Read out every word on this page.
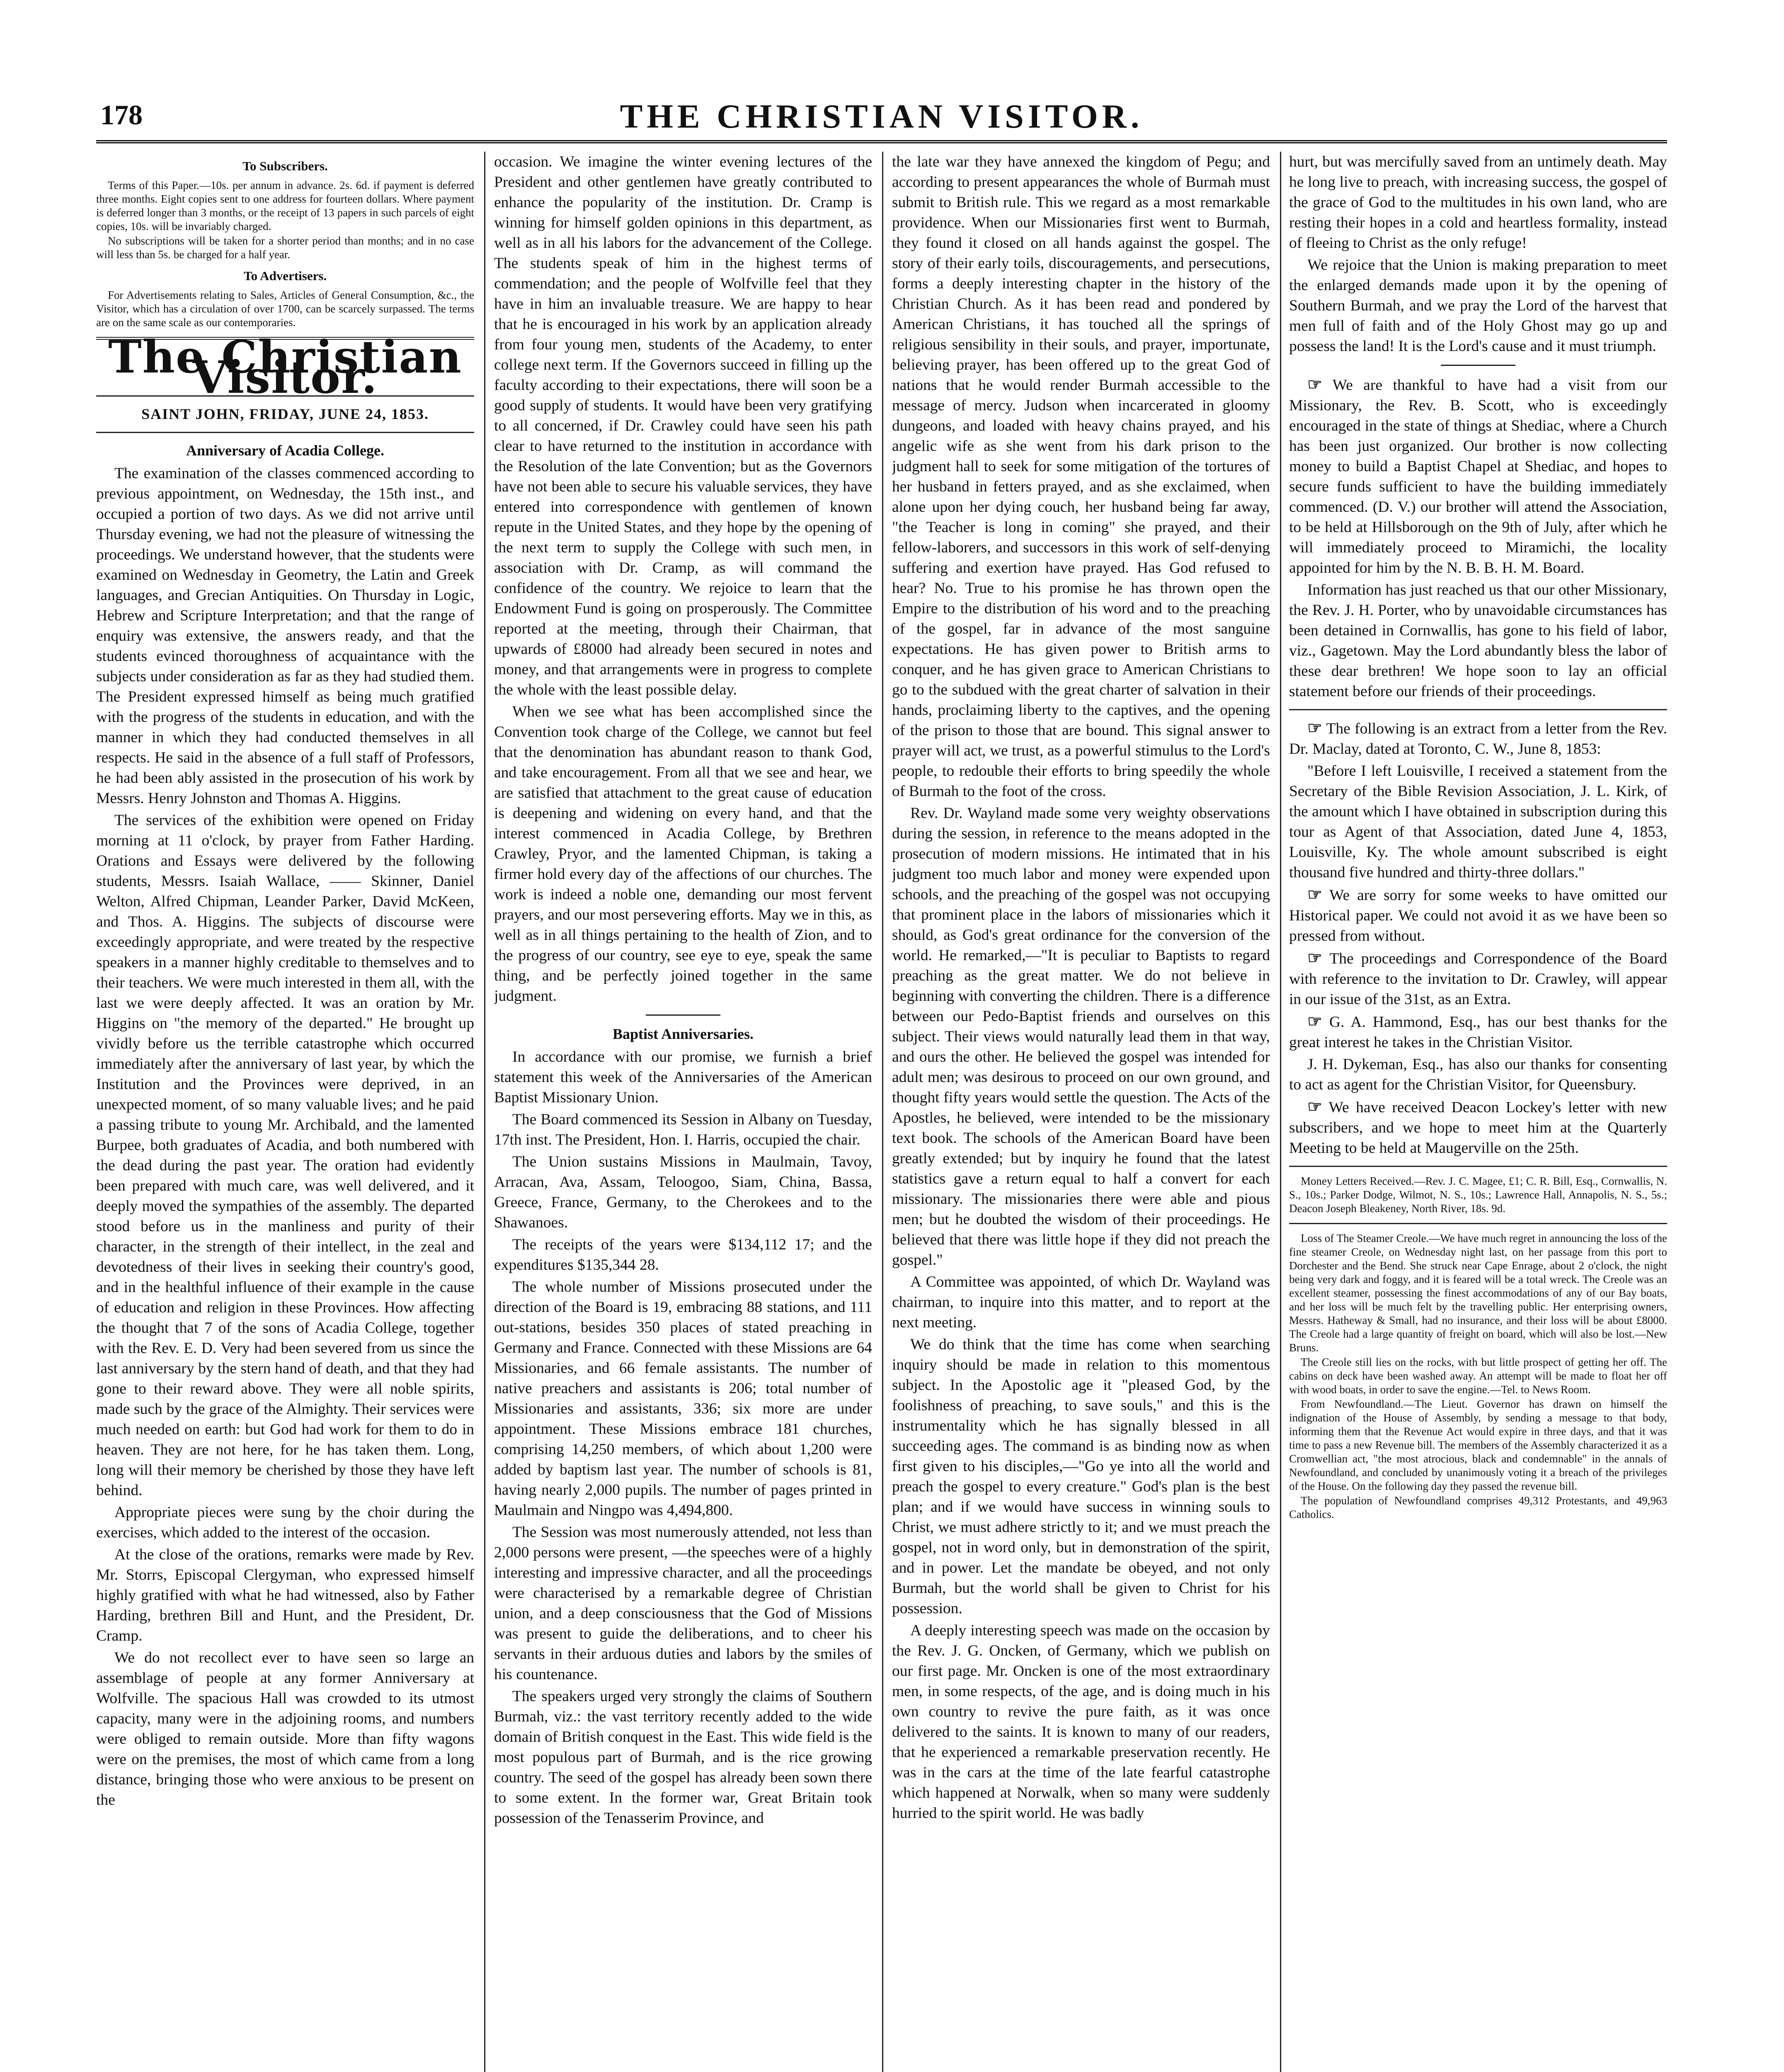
178	THE CHRISTIAN VISITOR.
To Subscribers.

Terms of this Paper.—10s. per annum in advance. 2s. 6d. if payment is deferred three months. Eight copies sent to one address for fourteen dollars. Where payment is deferred longer than 3 months, or the receipt of 13 papers in such parcels of eight copies, 10s. will be invariably charged.

No subscriptions will be taken for a shorter period than months; and in no case will less than 5s. be charged for a half year.

To Advertisers.

For Advertisements relating to Sales, Articles of General Consumption, &c., the Visitor, which has a circulation of over 1700, can be scarcely surpassed. The terms are on the same scale as our contemporaries.

The Christian Visitor.
SAINT JOHN, FRIDAY, JUNE 24, 1853.
Anniversary of Acadia College.

The examination of the classes commenced according to previous appointment, on Wednesday, the 15th inst., and occupied a portion of two days. As we did not arrive until Thursday evening, we had not the pleasure of witnessing the proceedings. We understand however, that the students were examined on Wednesday in Geometry, the Latin and Greek languages, and Grecian Antiquities. On Thursday in Logic, Hebrew and Scripture Interpretation; and that the range of enquiry was extensive, the answers ready, and that the students evinced thoroughness of acquaintance with the subjects under consideration as far as they had studied them. The President expressed himself as being much gratified with the progress of the students in education, and with the manner in which they had conducted themselves in all respects. He said in the absence of a full staff of Professors, he had been ably assisted in the prosecution of his work by Messrs. Henry Johnston and Thomas A. Higgins.

The services of the exhibition were opened on Friday morning at 11 o'clock, by prayer from Father Harding. Orations and Essays were delivered by the following students, Messrs. Isaiah Wallace, —— Skinner, Daniel Welton, Alfred Chipman, Leander Parker, David McKeen, and Thos. A. Higgins. The subjects of discourse were exceedingly appropriate, and were treated by the respective speakers in a manner highly creditable to themselves and to their teachers. We were much interested in them all, with the last we were deeply affected. It was an oration by Mr. Higgins on "the memory of the departed." He brought up vividly before us the terrible catastrophe which occurred immediately after the anniversary of last year, by which the Institution and the Provinces were deprived, in an unexpected moment, of so many valuable lives; and he paid a passing tribute to young Mr. Archibald, and the lamented Burpee, both graduates of Acadia, and both numbered with the dead during the past year. The oration had evidently been prepared with much care, was well delivered, and it deeply moved the sympathies of the assembly. The departed stood before us in the manliness and purity of their character, in the strength of their intellect, in the zeal and devotedness of their lives in seeking their country's good, and in the healthful influence of their example in the cause of education and religion in these Provinces. How affecting the thought that 7 of the sons of Acadia College, together with the Rev. E. D. Very had been severed from us since the last anniversary by the stern hand of death, and that they had gone to their reward above. They were all noble spirits, made such by the grace of the Almighty. Their services were much needed on earth: but God had work for them to do in heaven. They are not here, for he has taken them. Long, long will their memory be cherished by those they have left behind.

Appropriate pieces were sung by the choir during the exercises, which added to the interest of the occasion.

At the close of the orations, remarks were made by Rev. Mr. Storrs, Episcopal Clergyman, who expressed himself highly gratified with what he had witnessed, also by Father Harding, brethren Bill and Hunt, and the President, Dr. Cramp.

We do not recollect ever to have seen so large an assemblage of people at any former Anniversary at Wolfville. The spacious Hall was crowded to its utmost capacity, many were in the adjoining rooms, and numbers were obliged to remain outside. More than fifty wagons were on the premises, the most of which came from a long distance, bringing those who were anxious to be present on the

occasion. We imagine the winter evening lectures of the President and other gentlemen have greatly contributed to enhance the popularity of the institution. Dr. Cramp is winning for himself golden opinions in this department, as well as in all his labors for the advancement of the College. The students speak of him in the highest terms of commendation; and the people of Wolfville feel that they have in him an invaluable treasure. We are happy to hear that he is encouraged in his work by an application already from four young men, students of the Academy, to enter college next term. If the Governors succeed in filling up the faculty according to their expectations, there will soon be a good supply of students. It would have been very gratifying to all concerned, if Dr. Crawley could have seen his path clear to have returned to the institution in accordance with the Resolution of the late Convention; but as the Governors have not been able to secure his valuable services, they have entered into correspondence with gentlemen of known repute in the United States, and they hope by the opening of the next term to supply the College with such men, in association with Dr. Cramp, as will command the confidence of the country. We rejoice to learn that the Endowment Fund is going on prosperously. The Committee reported at the meeting, through their Chairman, that upwards of £8000 had already been secured in notes and money, and that arrangements were in progress to complete the whole with the least possible delay.

When we see what has been accomplished since the Convention took charge of the College, we cannot but feel that the denomination has abundant reason to thank God, and take encouragement. From all that we see and hear, we are satisfied that attachment to the great cause of education is deepening and widening on every hand, and that the interest commenced in Acadia College, by Brethren Crawley, Pryor, and the lamented Chipman, is taking a firmer hold every day of the affections of our churches. The work is indeed a noble one, demanding our most fervent prayers, and our most persevering efforts. May we in this, as well as in all things pertaining to the health of Zion, and to the progress of our country, see eye to eye, speak the same thing, and be perfectly joined together in the same judgment.

Baptist Anniversaries.

In accordance with our promise, we furnish a brief statement this week of the Anniversaries of the American Baptist Missionary Union.

The Board commenced its Session in Albany on Tuesday, 17th inst. The President, Hon. I. Harris, occupied the chair.

The Union sustains Missions in Maulmain, Tavoy, Arracan, Ava, Assam, Teloogoo, Siam, China, Bassa, Greece, France, Germany, to the Cherokees and to the Shawanoes.

The receipts of the years were $134,112 17; and the expenditures $135,344 28.

The whole number of Missions prosecuted under the direction of the Board is 19, embracing 88 stations, and 111 out-stations, besides 350 places of stated preaching in Germany and France. Connected with these Missions are 64 Missionaries, and 66 female assistants. The number of native preachers and assistants is 206; total number of Missionaries and assistants, 336; six more are under appointment. These Missions embrace 181 churches, comprising 14,250 members, of which about 1,200 were added by baptism last year. The number of schools is 81, having nearly 2,000 pupils. The number of pages printed in Maulmain and Ningpo was 4,494,800.

The Session was most numerously attended, not less than 2,000 persons were present, —the speeches were of a highly interesting and impressive character, and all the proceedings were characterised by a remarkable degree of Christian union, and a deep consciousness that the God of Missions was present to guide the deliberations, and to cheer his servants in their arduous duties and labors by the smiles of his countenance.

The speakers urged very strongly the claims of Southern Burmah, viz.: the vast territory recently added to the wide domain of British conquest in the East. This wide field is the most populous part of Burmah, and is the rice growing country. The seed of the gospel has already been sown there to some extent. In the former war, Great Britain took possession of the Tenasserim Province, and

the late war they have annexed the kingdom of Pegu; and according to present appearances the whole of Burmah must submit to British rule. This we regard as a most remarkable providence. When our Missionaries first went to Burmah, they found it closed on all hands against the gospel. The story of their early toils, discouragements, and persecutions, forms a deeply interesting chapter in the history of the Christian Church. As it has been read and pondered by American Christians, it has touched all the springs of religious sensibility in their souls, and prayer, importunate, believing prayer, has been offered up to the great God of nations that he would render Burmah accessible to the message of mercy. Judson when incarcerated in gloomy dungeons, and loaded with heavy chains prayed, and his angelic wife as she went from his dark prison to the judgment hall to seek for some mitigation of the tortures of her husband in fetters prayed, and as she exclaimed, when alone upon her dying couch, her husband being far away, "the Teacher is long in coming" she prayed, and their fellow-laborers, and successors in this work of self-denying suffering and exertion have prayed. Has God refused to hear? No. True to his promise he has thrown open the Empire to the distribution of his word and to the preaching of the gospel, far in advance of the most sanguine expectations. He has given power to British arms to conquer, and he has given grace to American Christians to go to the subdued with the great charter of salvation in their hands, proclaiming liberty to the captives, and the opening of the prison to those that are bound. This signal answer to prayer will act, we trust, as a powerful stimulus to the Lord's people, to redouble their efforts to bring speedily the whole of Burmah to the foot of the cross.

Rev. Dr. Wayland made some very weighty observations during the session, in reference to the means adopted in the prosecution of modern missions. He intimated that in his judgment too much labor and money were expended upon schools, and the preaching of the gospel was not occupying that prominent place in the labors of missionaries which it should, as God's great ordinance for the conversion of the world. He remarked,—"It is peculiar to Baptists to regard preaching as the great matter. We do not believe in beginning with converting the children. There is a difference between our Pedo-Baptist friends and ourselves on this subject. Their views would naturally lead them in that way, and ours the other. He believed the gospel was intended for adult men; was desirous to proceed on our own ground, and thought fifty years would settle the question. The Acts of the Apostles, he believed, were intended to be the missionary text book. The schools of the American Board have been greatly extended; but by inquiry he found that the latest statistics gave a return equal to half a convert for each missionary. The missionaries there were able and pious men; but he doubted the wisdom of their proceedings. He believed that there was little hope if they did not preach the gospel."

A Committee was appointed, of which Dr. Wayland was chairman, to inquire into this matter, and to report at the next meeting.

We do think that the time has come when searching inquiry should be made in relation to this momentous subject. In the Apostolic age it "pleased God, by the foolishness of preaching, to save souls," and this is the instrumentality which he has signally blessed in all succeeding ages. The command is as binding now as when first given to his disciples,—"Go ye into all the world and preach the gospel to every creature." God's plan is the best plan; and if we would have success in winning souls to Christ, we must adhere strictly to it; and we must preach the gospel, not in word only, but in demonstration of the spirit, and in power. Let the mandate be obeyed, and not only Burmah, but the world shall be given to Christ for his possession.

A deeply interesting speech was made on the occasion by the Rev. J. G. Oncken, of Germany, which we publish on our first page. Mr. Oncken is one of the most extraordinary men, in some respects, of the age, and is doing much in his own country to revive the pure faith, as it was once delivered to the saints. It is known to many of our readers, that he experienced a remarkable preservation recently. He was in the cars at the time of the late fearful catastrophe which happened at Norwalk, when so many were suddenly hurried to the spirit world. He was badly

hurt, but was mercifully saved from an untimely death. May he long live to preach, with increasing success, the gospel of the grace of God to the multitudes in his own land, who are resting their hopes in a cold and heartless formality, instead of fleeing to Christ as the only refuge!

We rejoice that the Union is making preparation to meet the enlarged demands made upon it by the opening of Southern Burmah, and we pray the Lord of the harvest that men full of faith and of the Holy Ghost may go up and possess the land! It is the Lord's cause and it must triumph.

☞ We are thankful to have had a visit from our Missionary, the Rev. B. Scott, who is exceedingly encouraged in the state of things at Shediac, where a Church has been just organized. Our brother is now collecting money to build a Baptist Chapel at Shediac, and hopes to secure funds sufficient to have the building immediately commenced. (D. V.) our brother will attend the Association, to be held at Hillsborough on the 9th of July, after which he will immediately proceed to Miramichi, the locality appointed for him by the N. B. B. H. M. Board.

Information has just reached us that our other Missionary, the Rev. J. H. Porter, who by unavoidable circumstances has been detained in Cornwallis, has gone to his field of labor, viz., Gagetown. May the Lord abundantly bless the labor of these dear brethren! We hope soon to lay an official statement before our friends of their proceedings.

☞ The following is an extract from a letter from the Rev. Dr. Maclay, dated at Toronto, C. W., June 8, 1853:

"Before I left Louisville, I received a statement from the Secretary of the Bible Revision Association, J. L. Kirk, of the amount which I have obtained in subscription during this tour as Agent of that Association, dated June 4, 1853, Louisville, Ky. The whole amount subscribed is eight thousand five hundred and thirty-three dollars."

☞ We are sorry for some weeks to have omitted our Historical paper. We could not avoid it as we have been so pressed from without.

☞ The proceedings and Correspondence of the Board with reference to the invitation to Dr. Crawley, will appear in our issue of the 31st, as an Extra.

☞ G. A. Hammond, Esq., has our best thanks for the great interest he takes in the Christian Visitor.

J. H. Dykeman, Esq., has also our thanks for consenting to act as agent for the Christian Visitor, for Queensbury.

☞ We have received Deacon Lockey's letter with new subscribers, and we hope to meet him at the Quarterly Meeting to be held at Maugerville on the 25th.

Money Letters Received.—Rev. J. C. Magee, £1; C. R. Bill, Esq., Cornwallis, N. S., 10s.; Parker Dodge, Wilmot, N. S., 10s.; Lawrence Hall, Annapolis, N. S., 5s.; Deacon Joseph Bleakeney, North River, 18s. 9d.

Loss of The Steamer Creole.—We have much regret in announcing the loss of the fine steamer Creole, on Wednesday night last, on her passage from this port to Dorchester and the Bend. She struck near Cape Enrage, about 2 o'clock, the night being very dark and foggy, and it is feared will be a total wreck. The Creole was an excellent steamer, possessing the finest accommodations of any of our Bay boats, and her loss will be much felt by the travelling public. Her enterprising owners, Messrs. Hatheway & Small, had no insurance, and their loss will be about £8000. The Creole had a large quantity of freight on board, which will also be lost.—New Bruns.

The Creole still lies on the rocks, with but little prospect of getting her off. The cabins on deck have been washed away. An attempt will be made to float her off with wood boats, in order to save the engine.—Tel. to News Room.

From Newfoundland.—The Lieut. Governor has drawn on himself the indignation of the House of Assembly, by sending a message to that body, informing them that the Revenue Act would expire in three days, and that it was time to pass a new Revenue bill. The members of the Assembly characterized it as a Cromwellian act, "the most atrocious, black and condemnable" in the annals of Newfoundland, and concluded by unanimously voting it a breach of the privileges of the House. On the following day they passed the revenue bill.

The population of Newfoundland comprises 49,312 Protestants, and 49,963 Catholics.
